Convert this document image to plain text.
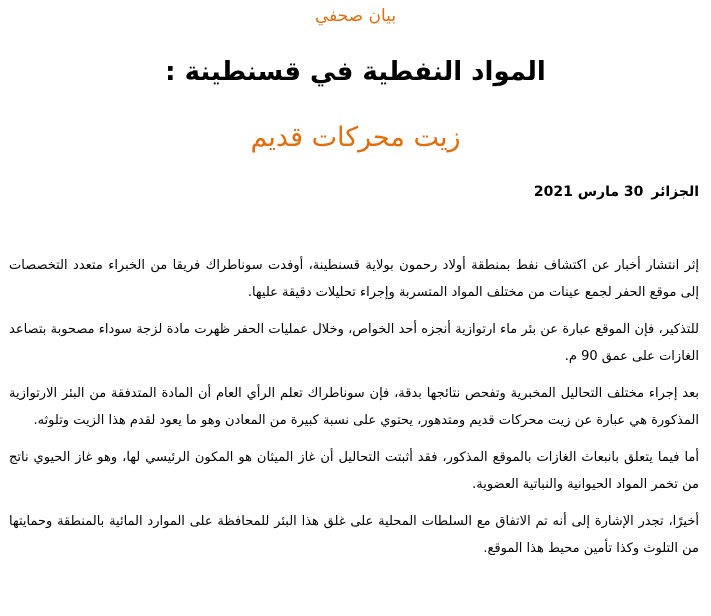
بيان صحفي
المواد النفطية في قسنطينة :
زيت محركات قديم
الجزائر30 مارس 2021

إثر انتشار أخبار عن اكتشاف نفط بمنطقة أولاد رحمون بولاية قسنطينة، أوفدت سوناطراك فريقا من الخبراء متعدد التخصصات إلى موقع الحفر لجمع عينات من مختلف المواد المتسربة وإجراء تحليلات دقيقة عليها.

للتذكير، فإن الموقع عبارة عن بئر ماء ارتوازية أنجزه أحد الخواص، وخلال عمليات الحفر ظهرت مادة لزجة سوداء مصحوبة بتصاعد الغازات على عمق 90 م.

بعد إجراء مختلف التحاليل المخبرية وتفحص نتائجها بدقة، فإن سوناطراك تعلم الرأي العام أن المادة المتدفقة من البئر الارتوازية المذكورة هي عبارة عن زيت محركات قديم ومتدهور، يحتوي على نسبة كبيرة من المعادن وهو ما يعود لقدم هذا الزيت وتلوثه.

أما فيما يتعلق بانبعاث الغازات بالموقع المذكور، فقد أثبتت التحاليل أن غاز الميثان هو المكون الرئيسي لها، وهو غاز الحيوي ناتج من تخمر المواد الحيوانية والنباتية العضوية.

أخيرًا، تجدر الإشارة إلى أنه تم الاتفاق مع السلطات المحلية على غلق هذا البئر للمحافظة على الموارد المائية بالمنطقة وحمايتها من التلوث وكذا تأمين محيط هذا الموقع.
